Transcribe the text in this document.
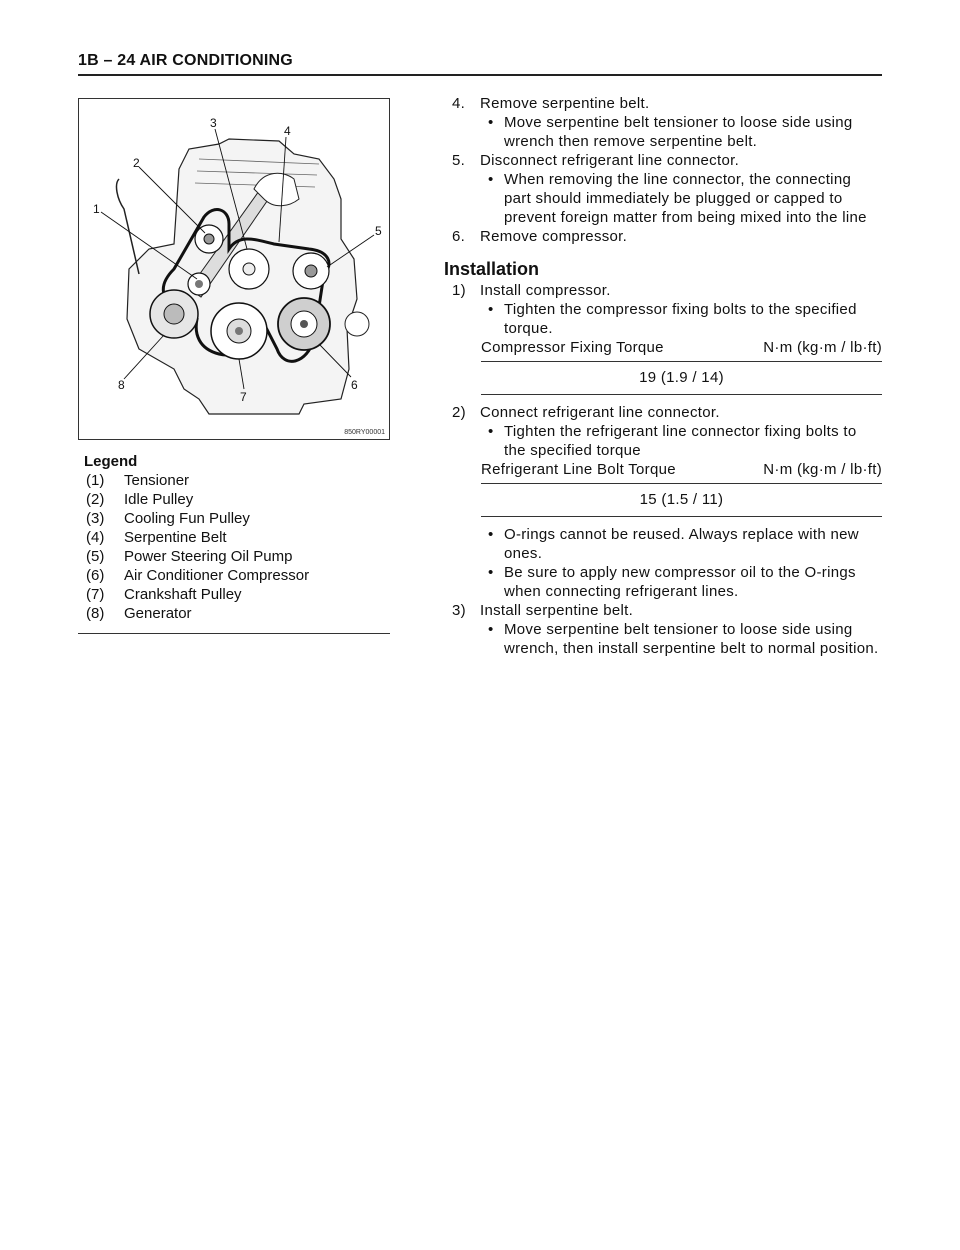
1B – 24 AIR CONDITIONING
1
2
3
4
5
6
7
8
850RY00001
Legend
(1)	Tensioner
(2)	Idle Pulley
(3)	Cooling Fun Pulley
(4)	Serpentine Belt
(5)	Power Steering Oil Pump
(6)	Air Conditioner Compressor
(7)	Crankshaft Pulley
(8)	Generator
4. Remove serpentine belt.
• Move serpentine belt tensioner to loose side using wrench then remove serpentine belt.
5. Disconnect refrigerant line connector.
• When removing the line connector, the connecting part should immediately be plugged or capped to prevent foreign matter from being mixed into the line
6. Remove compressor.
Installation
1) Install compressor.
• Tighten the compressor fixing bolts to the specified torque.
Compressor Fixing Torque	N·m (kg·m / lb·ft)
19 (1.9 / 14)
2) Connect refrigerant line connector.
• Tighten the refrigerant line connector fixing bolts to the specified torque
Refrigerant Line Bolt Torque	N·m (kg·m / lb·ft)
15 (1.5 / 11)
• O-rings cannot be reused. Always replace with new ones.
• Be sure to apply new compressor oil to the O-rings when connecting refrigerant lines.
3) Install serpentine belt.
• Move serpentine belt tensioner to loose side using wrench, then install serpentine belt to normal position.
